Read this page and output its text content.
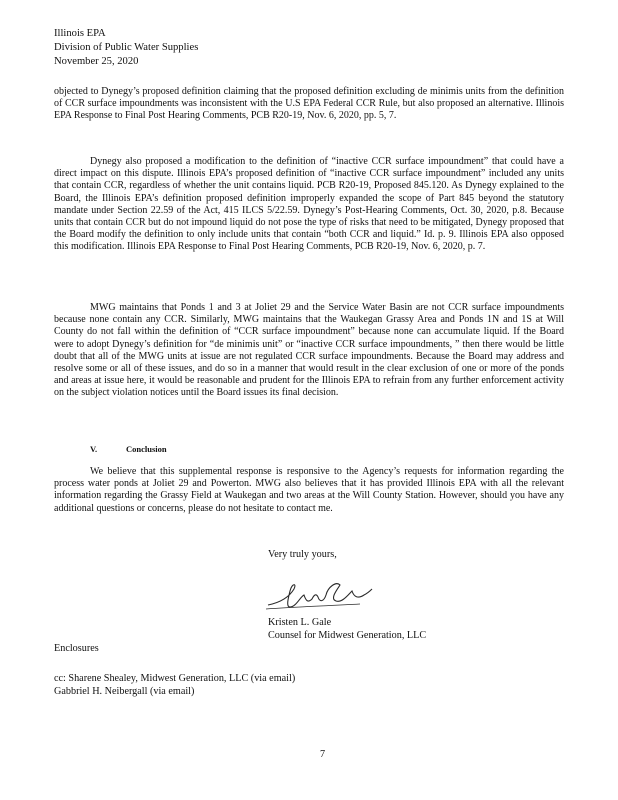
Illinois EPA
Division of Public Water Supplies
November 25, 2020

objected to Dynegy’s proposed definition claiming that the proposed definition excluding de minimis units from the definition of CCR surface impoundments was inconsistent with the U.S EPA Federal CCR Rule, but also proposed an alternative. Illinois EPA Response to Final Post Hearing Comments, PCB R20-19, Nov. 6, 2020, pp. 5, 7.

Dynegy also proposed a modification to the definition of “inactive CCR surface impoundment” that could have a direct impact on this dispute. Illinois EPA’s proposed definition of “inactive CCR surface impoundment” included any units that contain CCR, regardless of whether the unit contains liquid. PCB R20-19, Proposed 845.120. As Dynegy explained to the Board, the Illinois EPA’s definition proposed definition improperly expanded the scope of Part 845 beyond the statutory mandate under Section 22.59 of the Act, 415 ILCS 5/22.59. Dynegy’s Post-Hearing Comments, Oct. 30, 2020, p.8. Because units that contain CCR but do not impound liquid do not pose the type of risks that need to be mitigated, Dynegy proposed that the Board modify the definition to only include units that contain “both CCR and liquid.” Id. p. 9. Illinois EPA also opposed this modification. Illinois EPA Response to Final Post Hearing Comments, PCB R20-19, Nov. 6, 2020, p. 7.

MWG maintains that Ponds 1 and 3 at Joliet 29 and the Service Water Basin are not CCR surface impoundments because none contain any CCR. Similarly, MWG maintains that the Waukegan Grassy Area and Ponds 1N and 1S at Will County do not fall within the definition of “CCR surface impoundment” because none can accumulate liquid. If the Board were to adopt Dynegy’s definition for “de minimis unit” or “inactive CCR surface impoundments, ” then there would be little doubt that all of the MWG units at issue are not regulated CCR surface impoundments. Because the Board may address and resolve some or all of these issues, and do so in a manner that would result in the clear exclusion of one or more of the ponds and areas at issue here, it would be reasonable and prudent for the Illinois EPA to refrain from any further enforcement activity on the subject violation notices until the Board issues its final decision.

V.	Conclusion

We believe that this supplemental response is responsive to the Agency’s requests for information regarding the process water ponds at Joliet 29 and Powerton. MWG also believes that it has provided Illinois EPA with all the relevant information regarding the Grassy Field at Waukegan and two areas at the Will County Station. However, should you have any additional questions or concerns, please do not hesitate to contact me.

Very truly yours,
Kristen L. Gale
Counsel for Midwest Generation, LLC
Enclosures
cc: Sharene Shealey, Midwest Generation, LLC (via email)
Gabbriel H. Neibergall (via email)
7
